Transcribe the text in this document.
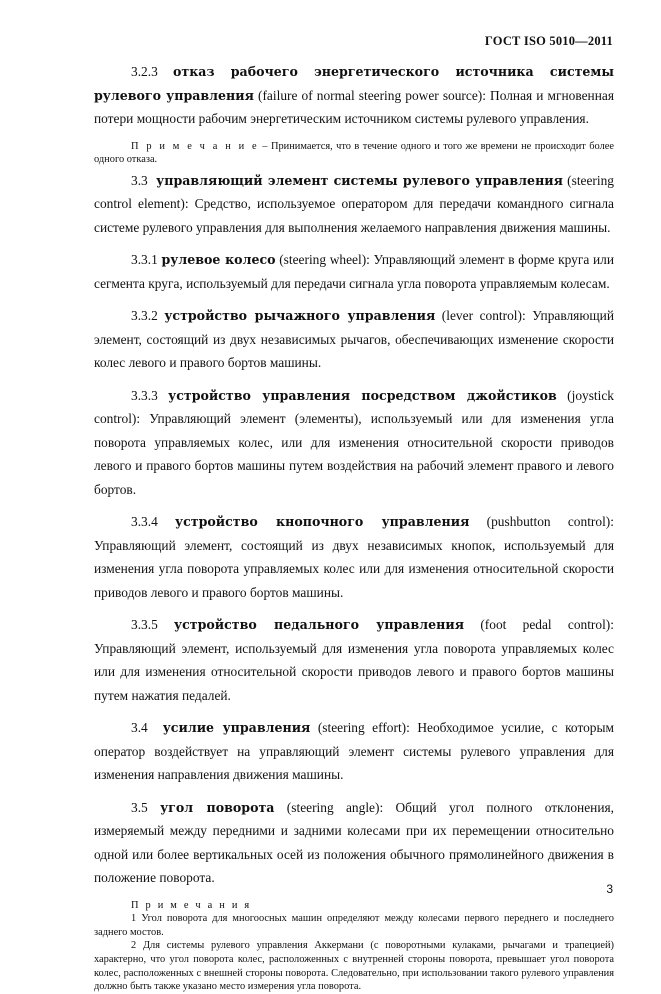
ГОСТ ISO 5010—2011

3.2.3 отказ рабочего энергетического источника системы рулевого управления (failure of normal steering power source): Полная и мгновенная потери мощности рабочим энергетическим источником системы рулевого управления.

П р и м е ч а н и е – Принимается, что в течение одного и того же времени не происходит более одного отказа.

3.3 управляющий элемент системы рулевого управления (steering control element): Средство, используемое оператором для передачи командного сигнала системе рулевого управления для выполнения желаемого направления движения машины.

3.3.1 рулевое колесо (steering wheel): Управляющий элемент в форме круга или сегмента круга, используемый для передачи сигнала угла поворота управляемым колесам.

3.3.2 устройство рычажного управления (lever control): Управляющий элемент, состоящий из двух независимых рычагов, обеспечивающих изменение скорости колес левого и правого бортов машины.

3.3.3 устройство управления посредством джойстиков (joystick control): Управляющий элемент (элементы), используемый или для изменения угла поворота управляемых колес, или для изменения относительной скорости приводов левого и правого бортов машины путем воздействия на рабочий элемент правого и левого бортов.

3.3.4 устройство кнопочного управления (pushbutton control): Управляющий элемент, состоящий из двух независимых кнопок, используемый для изменения угла поворота управляемых колес или для изменения относительной скорости приводов левого и правого бортов машины.

3.3.5 устройство педального управления (foot pedal control): Управляющий элемент, используемый для изменения угла поворота управляемых колес или для изменения относительной скорости приводов левого и правого бортов машины путем нажатия педалей.

3.4 усилие управления (steering effort): Необходимое усилие, с которым оператор воздействует на управляющий элемент системы рулевого управления для изменения направления движения машины.

3.5 угол поворота (steering angle): Общий угол полного отклонения, измеряемый между передними и задними колесами при их перемещении относительно одной или более вертикальных осей из положения обычного прямолинейного движения в положение поворота.

П р и м е ч а н и я

1 Угол поворота для многоосных машин определяют между колесами первого переднего и последнего заднего мостов.

2 Для системы рулевого управления Аккермани (с поворотными кулаками, рычагами и трапецией) характерно, что угол поворота колес, расположенных с внутренней стороны поворота, превышает угол поворота колес, расположенных с внешней стороны поворота. Следовательно, при использовании такого рулевого управления должно быть также указано место измерения угла поворота.

3
